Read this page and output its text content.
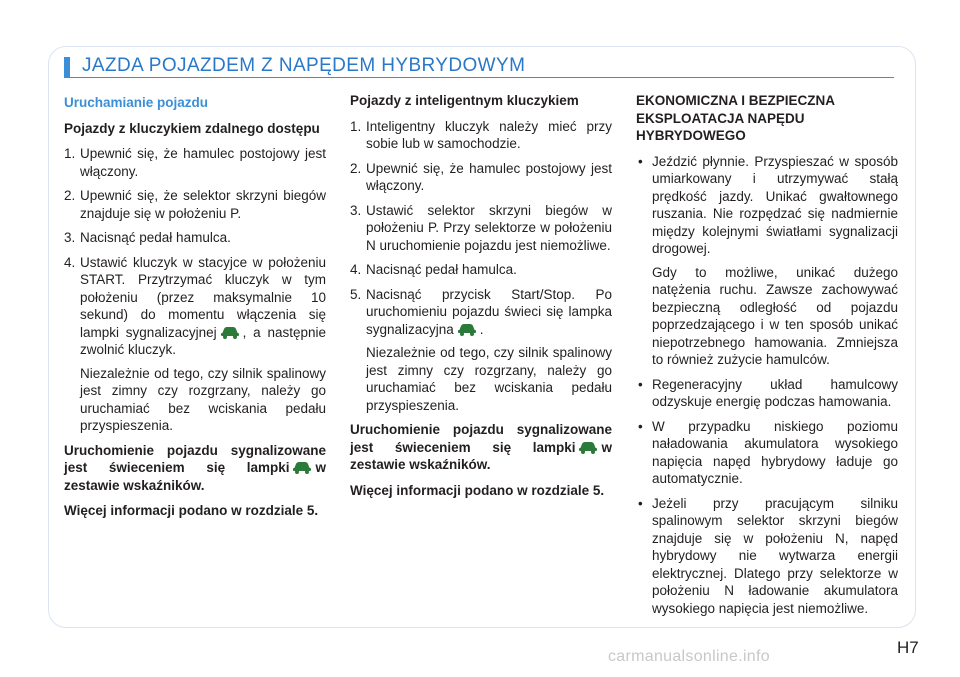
JAZDA POJAZDEM Z NAPĘDEM HYBRYDOWYM
Uruchamianie pojazdu
Pojazdy z kluczykiem zdalnego dostępu
1. Upewnić się, że hamulec postojowy jest włączony.

2. Upewnić się, że selektor skrzyni biegów znajduje się w położeniu P.

3. Nacisnąć pedał hamulca.

4. Ustawić kluczyk w stacyjce w położeniu START. Przytrzymać kluczyk w tym położeniu (przez maksymalnie 10 sekund) do momentu włączenia się lampki sygnalizacyjnej , a następnie zwolnić kluczyk.

Niezależnie od tego, czy silnik spalinowy jest zimny czy rozgrzany, należy go uruchamiać bez wciskania pedału przyspieszenia.

Uruchomienie pojazdu sygnalizowane jest świeceniem się lampki w zestawie wskaźników.
Więcej informacji podano w rozdziale 5.
Pojazdy z inteligentnym kluczykiem
1. Inteligentny kluczyk należy mieć przy sobie lub w samochodzie.

2. Upewnić się, że hamulec postojowy jest włączony.

3. Ustawić selektor skrzyni biegów w położeniu P. Przy selektorze w położeniu N uruchomienie pojazdu jest niemożliwe.

4. Nacisnąć pedał hamulca.

5. Nacisnąć przycisk Start/Stop. Po uruchomieniu pojazdu świeci się lampka sygnalizacyjna .

Niezależnie od tego, czy silnik spalinowy jest zimny czy rozgrzany, należy go uruchamiać bez wciskania pedału przyspieszenia.

Uruchomienie pojazdu sygnalizowane jest świeceniem się lampki w zestawie wskaźników.
Więcej informacji podano w rozdziale 5.
EKONOMICZNA I BEZPIECZNA EKSPLOATACJA NAPĘDU HYBRYDOWEGO
• Jeździć płynnie. Przyspieszać w sposób umiarkowany i utrzymywać stałą prędkość jazdy. Unikać gwałtownego ruszania. Nie rozpędzać się nadmiernie między kolejnymi światłami sygnalizacji drogowej.

Gdy to możliwe, unikać dużego natężenia ruchu. Zawsze zachowywać bezpieczną odległość od pojazdu poprzedzającego i w ten sposób unikać niepotrzebnego hamowania. Zmniejsza to również zużycie hamulców.

• Regeneracyjny układ hamulcowy odzyskuje energię podczas hamowania.

• W przypadku niskiego poziomu naładowania akumulatora wysokiego napięcia napęd hybrydowy ładuje go automatycznie.

• Jeżeli przy pracującym silniku spalinowym selektor skrzyni biegów znajduje się w położeniu N, napęd hybrydowy nie wytwarza energii elektrycznej. Dlatego przy selektorze w położeniu N ładowanie akumulatora wysokiego napięcia jest niemożliwe.

H7
carmanualsonline.info
